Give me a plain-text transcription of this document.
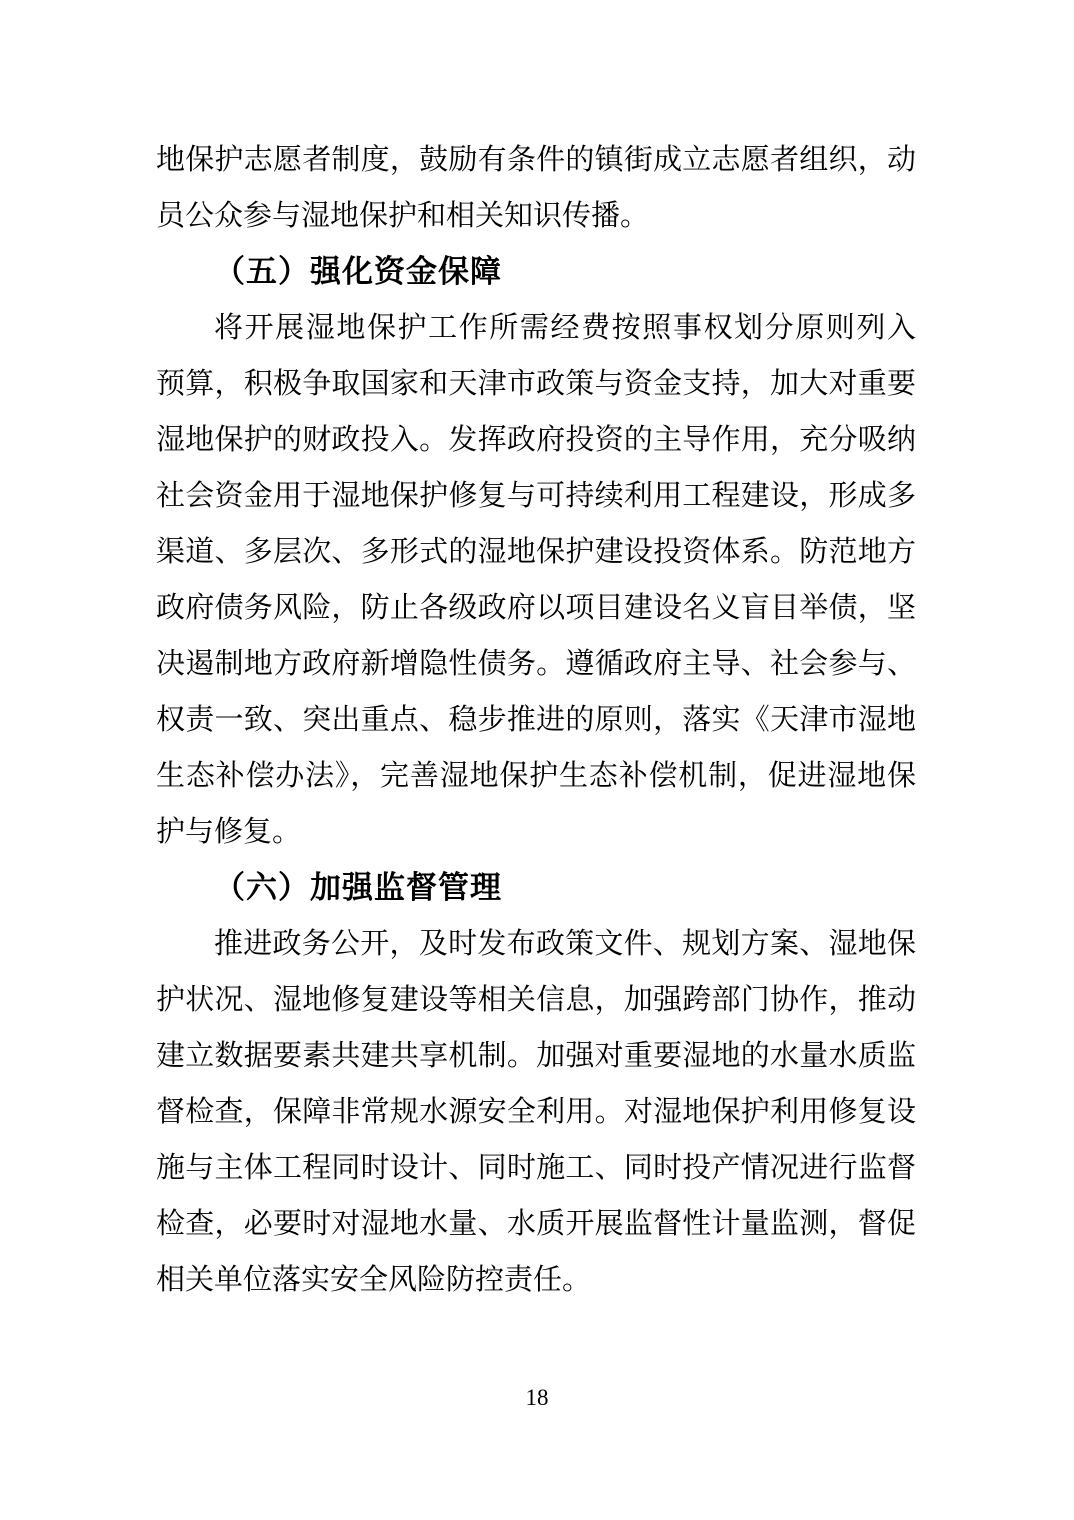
地保护志愿者制度，鼓励有条件的镇街成立志愿者组织，动
员公众参与湿地保护和相关知识传播。
（五）强化资金保障
将开展湿地保护工作所需经费按照事权划分原则列入
预算，积极争取国家和天津市政策与资金支持，加大对重要
湿地保护的财政投入。发挥政府投资的主导作用，充分吸纳
社会资金用于湿地保护修复与可持续利用工程建设，形成多
渠道、多层次、多形式的湿地保护建设投资体系。防范地方
政府债务风险，防止各级政府以项目建设名义盲目举债，坚
决遏制地方政府新增隐性债务。遵循政府主导、社会参与、
权责一致、突出重点、稳步推进的原则，落实《天津市湿地
生态补偿办法》，完善湿地保护生态补偿机制，促进湿地保
护与修复。
（六）加强监督管理
推进政务公开，及时发布政策文件、规划方案、湿地保
护状况、湿地修复建设等相关信息，加强跨部门协作，推动
建立数据要素共建共享机制。加强对重要湿地的水量水质监
督检查，保障非常规水源安全利用。对湿地保护利用修复设
施与主体工程同时设计、同时施工、同时投产情况进行监督
检查，必要时对湿地水量、水质开展监督性计量监测，督促
相关单位落实安全风险防控责任。
18
